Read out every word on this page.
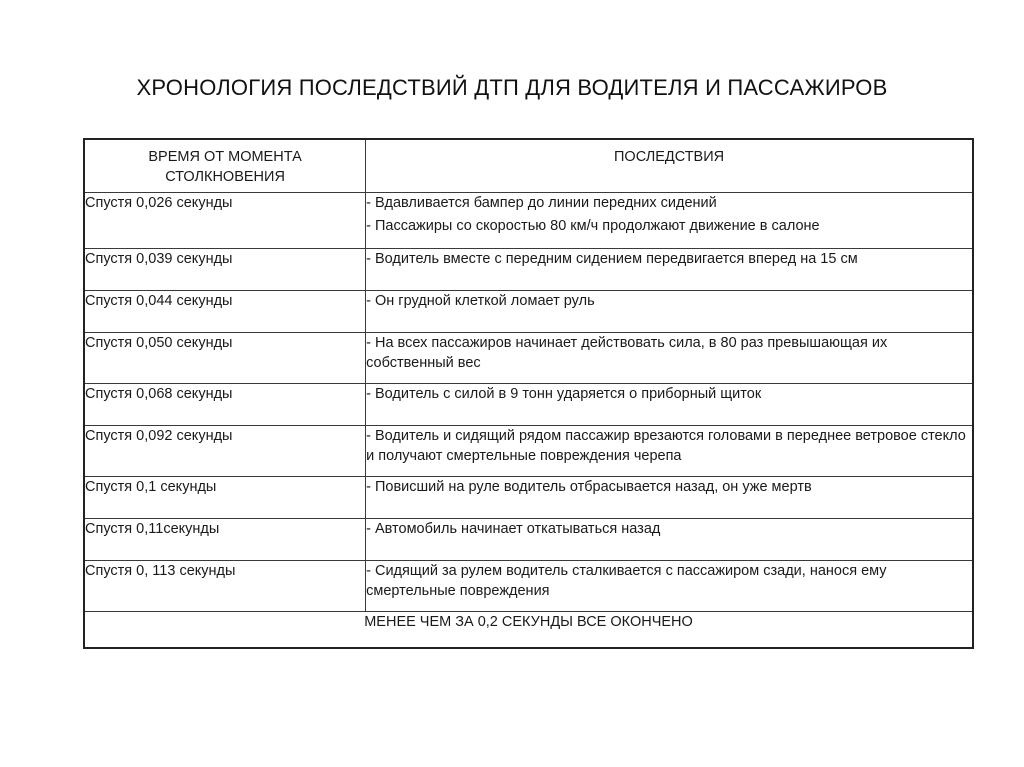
ХРОНОЛОГИЯ ПОСЛЕДСТВИЙ ДТП ДЛЯ ВОДИТЕЛЯ И ПАССАЖИРОВ
ВРЕМЯ ОТ МОМЕНТА
СТОЛКНОВЕНИЯ	ПОСЛЕДСТВИЯ
Спустя 0,026 секунды	- Вдавливается бампер до линии передних сидений
- Пассажиры со скоростью 80 км/ч продолжают движение в салоне

Спустя 0,039 секунды	- Водитель вместе с передним сидением передвигается вперед на 15 см

Спустя 0,044 секунды	- Он грудной клеткой ломает руль

Спустя 0,050 секунды	- На всех пассажиров начинает действовать сила, в 80 раз превышающая их собственный вес

Спустя 0,068 секунды	- Водитель с силой в 9 тонн ударяется о приборный щиток

Спустя 0,092 секунды	- Водитель и сидящий рядом пассажир врезаются головами в переднее ветровое стекло и получают смертельные повреждения черепа

Спустя 0,1 секунды	- Повисший на руле водитель отбрасывается назад, он уже мертв

Спустя 0,11секунды	- Автомобиль начинает откатываться назад

Спустя 0, 113 секунды	- Сидящий за рулем водитель сталкивается с пассажиром сзади, нанося ему смертельные повреждения

МЕНЕЕ ЧЕМ ЗА 0,2 СЕКУНДЫ ВСЕ ОКОНЧЕНО	
